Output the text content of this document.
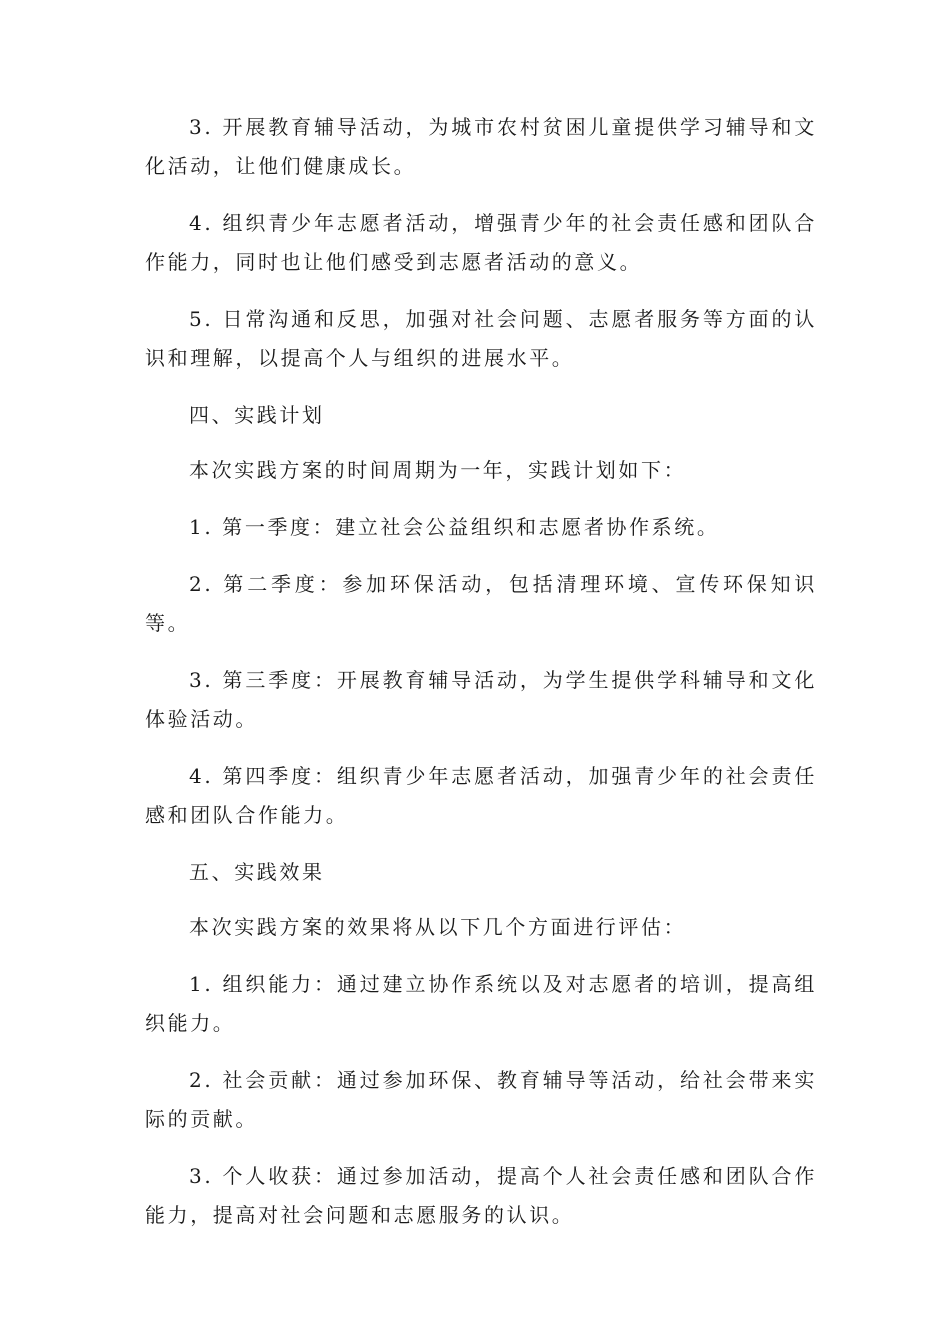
3. 开展教育辅导活动，为城市农村贫困儿童提供学习辅导和文化活动，让他们健康成长。

4. 组织青少年志愿者活动，增强青少年的社会责任感和团队合作能力，同时也让他们感受到志愿者活动的意义。

5. 日常沟通和反思，加强对社会问题、志愿者服务等方面的认识和理解，以提高个人与组织的进展水平。

四、实践计划

本次实践方案的时间周期为一年，实践计划如下：

1. 第一季度：建立社会公益组织和志愿者协作系统。

2. 第二季度：参加环保活动，包括清理环境、宣传环保知识等。

3. 第三季度：开展教育辅导活动，为学生提供学科辅导和文化体验活动。

4. 第四季度：组织青少年志愿者活动，加强青少年的社会责任感和团队合作能力。

五、实践效果

本次实践方案的效果将从以下几个方面进行评估：

1. 组织能力：通过建立协作系统以及对志愿者的培训，提高组织能力。

2. 社会贡献：通过参加环保、教育辅导等活动，给社会带来实际的贡献。

3. 个人收获：通过参加活动，提高个人社会责任感和团队合作能力，提高对社会问题和志愿服务的认识。
